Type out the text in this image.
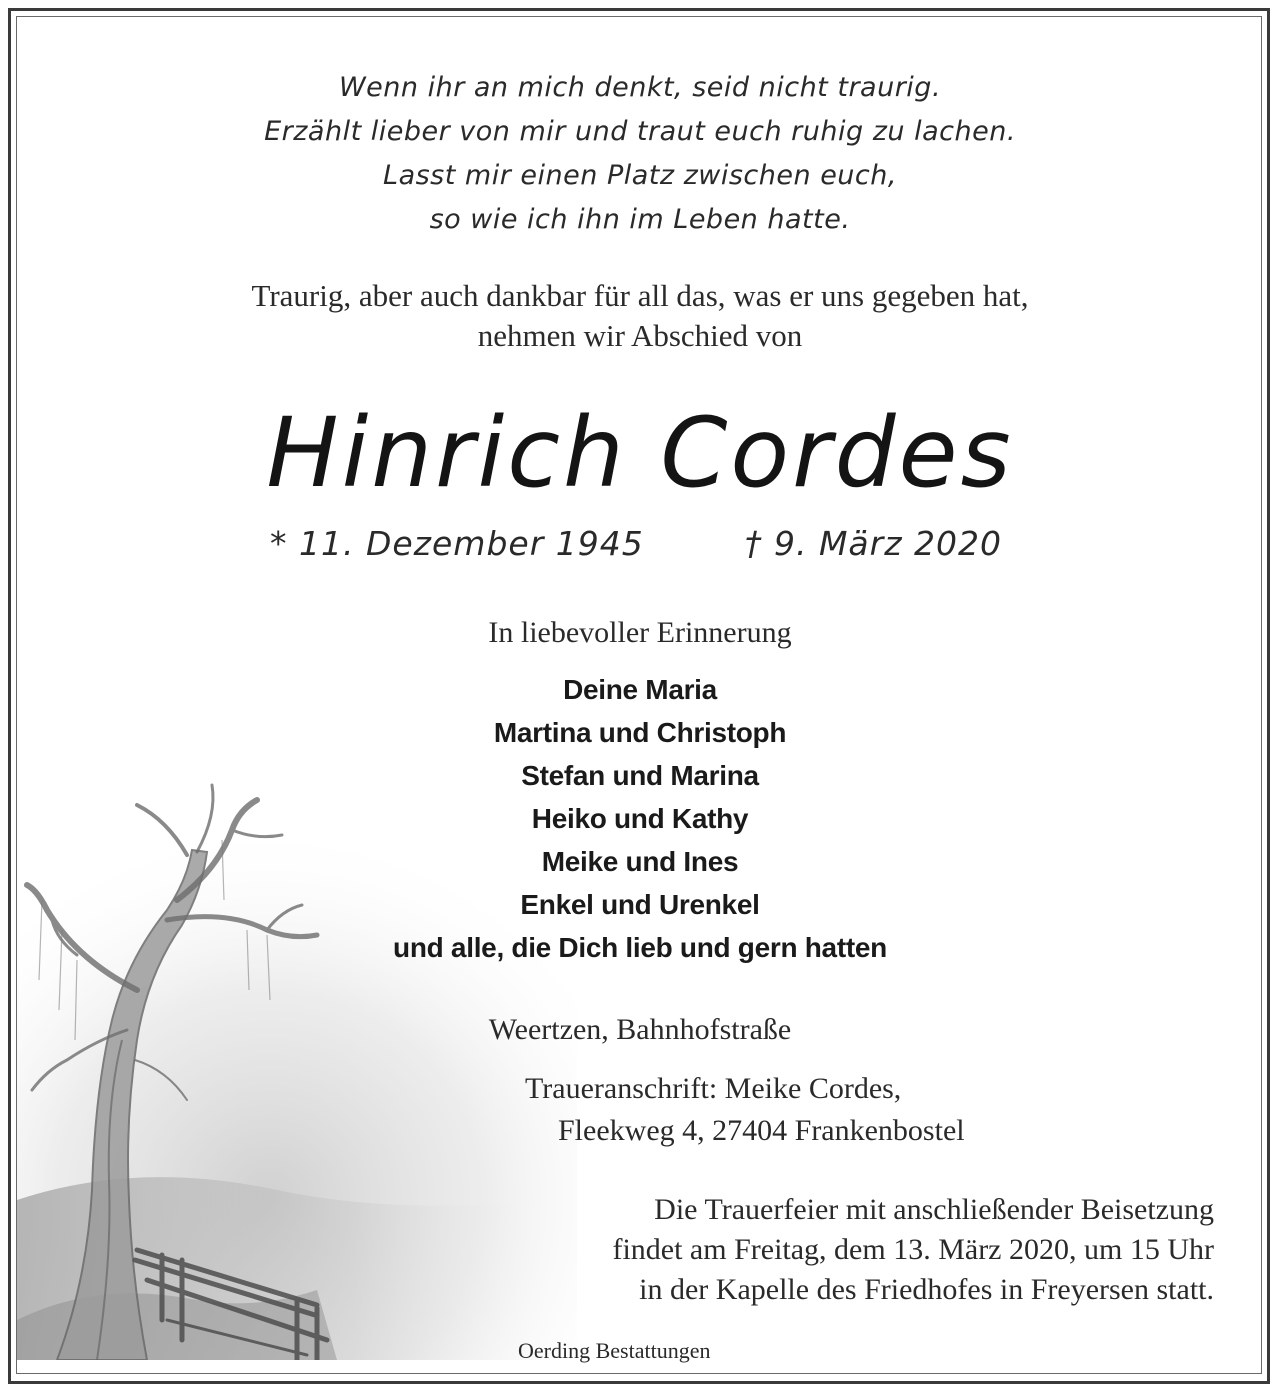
Wenn ihr an mich denkt, seid nicht traurig.
Erzählt lieber von mir und traut euch ruhig zu lachen.
Lasst mir einen Platz zwischen euch,
so wie ich ihn im Leben hatte.
Traurig, aber auch dankbar für all das, was er uns gegeben hat,
nehmen wir Abschied von
Hinrich Cordes
* 11. Dezember 1945	† 9. März 2020
In liebevoller Erinnerung
Deine Maria
Martina und Christoph
Stefan und Marina
Heiko und Kathy
Meike und Ines
Enkel und Urenkel
und alle, die Dich lieb und gern hatten
Weertzen, Bahnhofstraße
Traueranschrift: Meike Cordes,
Fleekweg 4, 27404 Frankenbostel
Die Trauerfeier mit anschließender Beisetzung
findet am Freitag, dem 13. März 2020, um 15 Uhr
in der Kapelle des Friedhofes in Freyersen statt.
Oerding Bestattungen
